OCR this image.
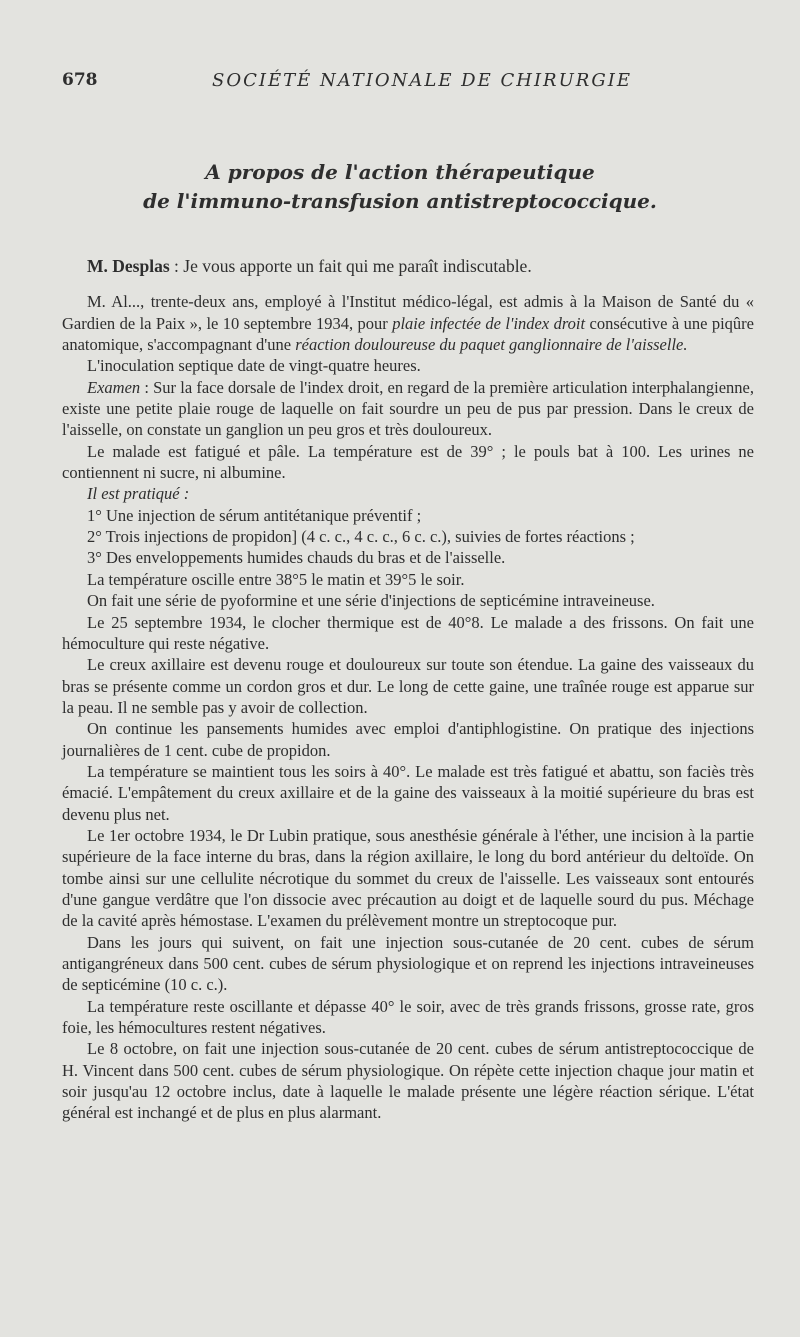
678	SOCIÉTÉ NATIONALE DE CHIRURGIE
A propos de l'action thérapeutique
de l'immuno-transfusion antistreptococcique.

M. Desplas : Je vous apporte un fait qui me paraît indiscutable.

M. Al..., trente-deux ans, employé à l'Institut médico-légal, est admis à la Maison de Santé du « Gardien de la Paix », le 10 septembre 1934, pour plaie infectée de l'index droit consécutive à une piqûre anatomique, s'accompagnant d'une réaction douloureuse du paquet ganglionnaire de l'aisselle.

L'inoculation septique date de vingt-quatre heures.

Examen : Sur la face dorsale de l'index droit, en regard de la première articulation interphalangienne, existe une petite plaie rouge de laquelle on fait sourdre un peu de pus par pression. Dans le creux de l'aisselle, on constate un ganglion un peu gros et très douloureux.

Le malade est fatigué et pâle. La température est de 39° ; le pouls bat à 100. Les urines ne contiennent ni sucre, ni albumine.

Il est pratiqué :

1° Une injection de sérum antitétanique préventif ;

2° Trois injections de propidon] (4 c. c., 4 c. c., 6 c. c.), suivies de fortes réactions ;

3° Des enveloppements humides chauds du bras et de l'aisselle.

La température oscille entre 38°5 le matin et 39°5 le soir.

On fait une série de pyoformine et une série d'injections de septicémine intraveineuse.

Le 25 septembre 1934, le clocher thermique est de 40°8. Le malade a des frissons. On fait une hémoculture qui reste négative.

Le creux axillaire est devenu rouge et douloureux sur toute son étendue. La gaine des vaisseaux du bras se présente comme un cordon gros et dur. Le long de cette gaine, une traînée rouge est apparue sur la peau. Il ne semble pas y avoir de collection.

On continue les pansements humides avec emploi d'antiphlogistine. On pratique des injections journalières de 1 cent. cube de propidon.

La température se maintient tous les soirs à 40°. Le malade est très fatigué et abattu, son faciès très émacié. L'empâtement du creux axillaire et de la gaine des vaisseaux à la moitié supérieure du bras est devenu plus net.

Le 1er octobre 1934, le Dr Lubin pratique, sous anesthésie générale à l'éther, une incision à la partie supérieure de la face interne du bras, dans la région axillaire, le long du bord antérieur du deltoïde. On tombe ainsi sur une cellulite nécrotique du sommet du creux de l'aisselle. Les vaisseaux sont entourés d'une gangue verdâtre que l'on dissocie avec précaution au doigt et de laquelle sourd du pus. Méchage de la cavité après hémostase. L'examen du prélèvement montre un streptocoque pur.

Dans les jours qui suivent, on fait une injection sous-cutanée de 20 cent. cubes de sérum antigangréneux dans 500 cent. cubes de sérum physiologique et on reprend les injections intraveineuses de septicémine (10 c. c.).

La température reste oscillante et dépasse 40° le soir, avec de très grands frissons, grosse rate, gros foie, les hémocultures restent négatives.

Le 8 octobre, on fait une injection sous-cutanée de 20 cent. cubes de sérum antistreptococcique de H. Vincent dans 500 cent. cubes de sérum physiologique. On répète cette injection chaque jour matin et soir jusqu'au 12 octobre inclus, date à laquelle le malade présente une légère réaction sérique. L'état général est inchangé et de plus en plus alarmant.
